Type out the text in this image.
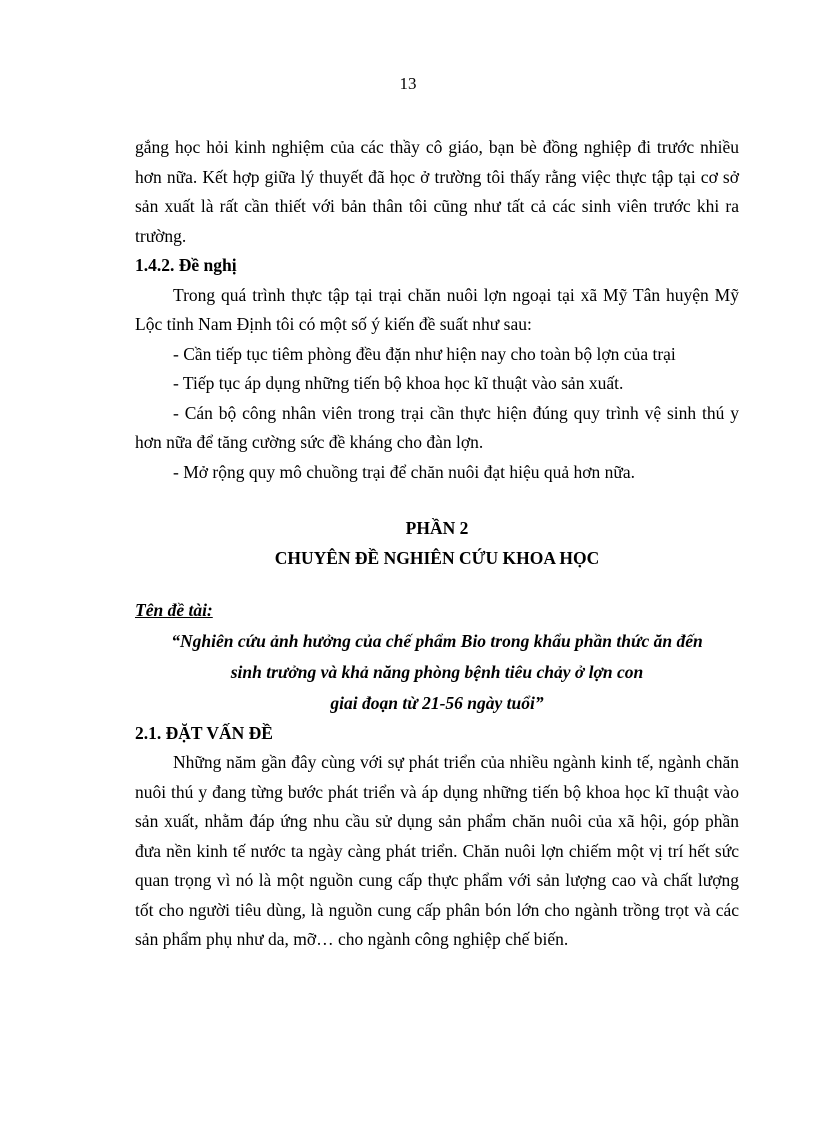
13

gắng học hỏi kinh nghiệm của các thầy cô giáo, bạn bè đồng nghiệp đi trước nhiều hơn nữa. Kết hợp giữa lý thuyết đã học ở trường tôi thấy rằng việc thực tập tại cơ sở sản xuất là rất cần thiết với bản thân tôi cũng như tất cả các sinh viên trước khi ra trường.

1.4.2. Đề nghị

Trong quá trình thực tập tại trại chăn nuôi lợn ngoại tại xã Mỹ Tân huyện Mỹ Lộc tỉnh Nam Định tôi có một số ý kiến đề suất như sau:

- Cần tiếp tục tiêm phòng đều đặn như hiện nay cho toàn bộ lợn của trại

- Tiếp tục áp dụng những tiến bộ khoa học kĩ thuật vào sản xuất.

- Cán bộ công nhân viên trong trại cần thực hiện đúng quy trình vệ sinh thú y hơn nữa để tăng cường sức đề kháng cho đàn lợn.

- Mở rộng quy mô chuồng trại để chăn nuôi đạt hiệu quả hơn nữa.

PHẦN 2

CHUYÊN ĐỀ NGHIÊN CỨU KHOA HỌC

Tên đề tài:

“Nghiên cứu ảnh hưởng của chế phẩm Bio trong khẩu phần thức ăn đến
sinh trưởng và khả năng phòng bệnh tiêu chảy ở lợn con
giai đoạn từ 21-56 ngày tuổi”

2.1. ĐẶT VẤN ĐỀ

Những năm gần đây cùng với sự phát triển của nhiều ngành kinh tế, ngành chăn nuôi thú y đang từng bước phát triển và áp dụng những tiến bộ khoa học kĩ thuật vào sản xuất, nhằm đáp ứng nhu cầu sử dụng sản phẩm chăn nuôi của xã hội, góp phần đưa nền kinh tế nước ta ngày càng phát triển. Chăn nuôi lợn chiếm một vị trí hết sức quan trọng vì nó là một nguồn cung cấp thực phẩm với sản lượng cao và chất lượng tốt cho người tiêu dùng, là nguồn cung cấp phân bón lớn cho ngành trồng trọt và các sản phẩm phụ như da, mỡ… cho ngành công nghiệp chế biến.
